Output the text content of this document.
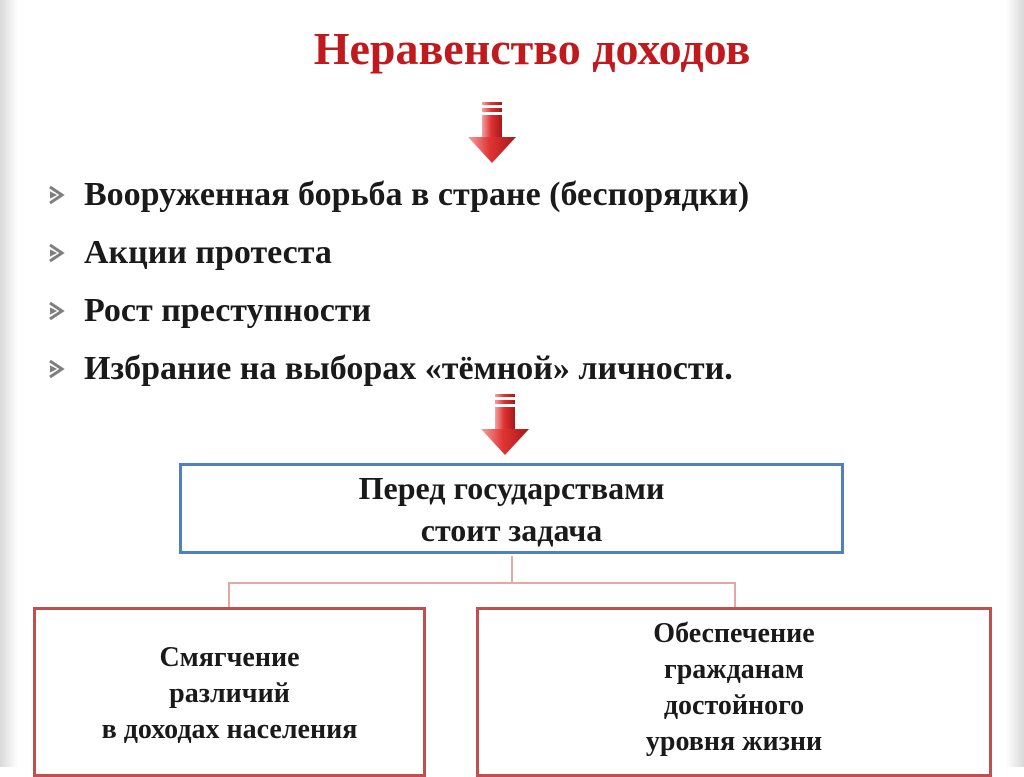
Неравенство доходов
Вооруженная борьба в стране (беспорядки)
Акции протеста
Рост преступности
Избрание на выборах «тёмной» личности.
Перед государствами
стоит задача
Смягчение
различий
в доходах населения
Обеспечение
гражданам
достойного
уровня жизни
